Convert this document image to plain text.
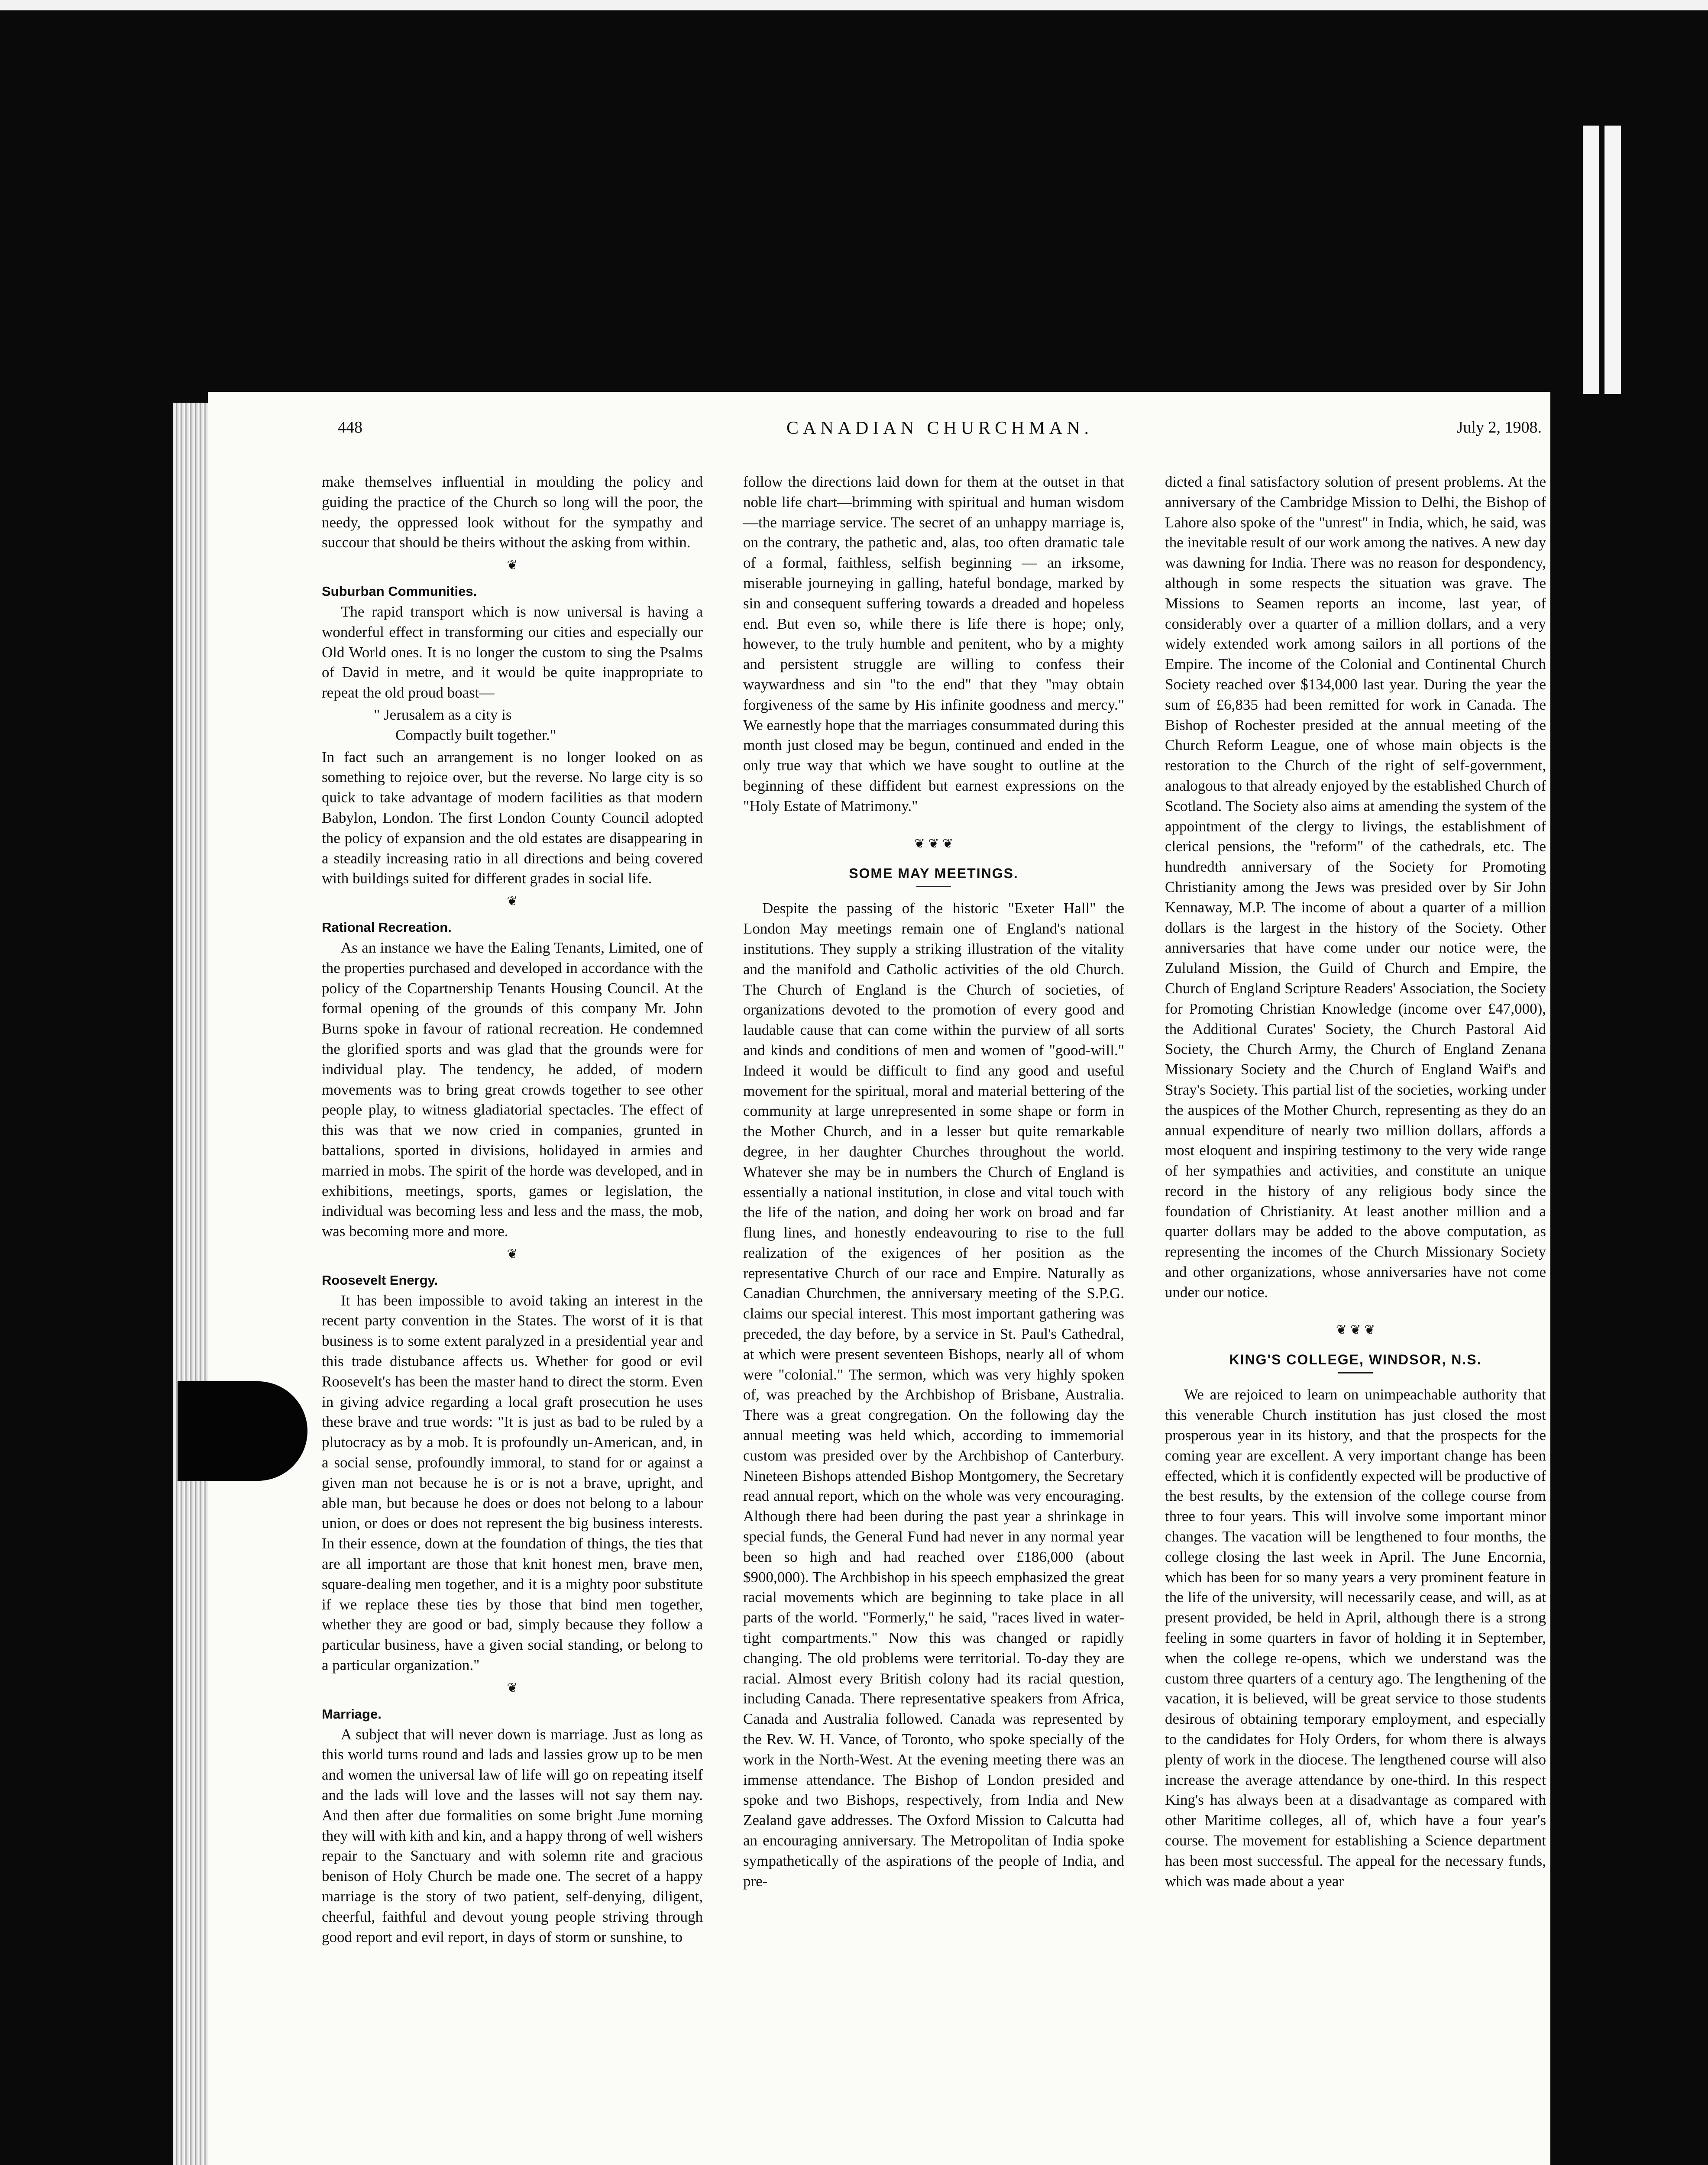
448	CANADIAN CHURCHMAN.	July 2, 1908.

make themselves influential in moulding the policy and guiding the practice of the Church so long will the poor, the needy, the oppressed look without for the sympathy and succour that should be theirs without the asking from within.

❦
Suburban Communities.

The rapid transport which is now universal is having a wonderful effect in transforming our cities and especially our Old World ones. It is no longer the custom to sing the Psalms of David in metre, and it would be quite inappropriate to repeat the old proud boast—

" Jerusalem as a city is
Compactly built together."

In fact such an arrangement is no longer looked on as something to rejoice over, but the reverse. No large city is so quick to take advantage of modern facilities as that modern Babylon, London. The first London County Council adopted the policy of expansion and the old estates are disappearing in a steadily increasing ratio in all directions and being covered with buildings suited for different grades in social life.

❦
Rational Recreation.

As an instance we have the Ealing Tenants, Limited, one of the properties purchased and developed in accordance with the policy of the Copartnership Tenants Housing Council. At the formal opening of the grounds of this company Mr. John Burns spoke in favour of rational recreation. He condemned the glorified sports and was glad that the grounds were for individual play. The tendency, he added, of modern movements was to bring great crowds together to see other people play, to witness gladiatorial spectacles. The effect of this was that we now cried in companies, grunted in battalions, sported in divisions, holidayed in armies and married in mobs. The spirit of the horde was developed, and in exhibitions, meetings, sports, games or legislation, the individual was becoming less and less and the mass, the mob, was becoming more and more.

❦
Roosevelt Energy.

It has been impossible to avoid taking an interest in the recent party convention in the States. The worst of it is that business is to some extent paralyzed in a presidential year and this trade distubance affects us. Whether for good or evil Roosevelt's has been the master hand to direct the storm. Even in giving advice regarding a local graft prosecution he uses these brave and true words: "It is just as bad to be ruled by a plutocracy as by a mob. It is profoundly un-American, and, in a social sense, profoundly immoral, to stand for or against a given man not because he is or is not a brave, upright, and able man, but because he does or does not belong to a labour union, or does or does not represent the big business interests. In their essence, down at the foundation of things, the ties that are all important are those that knit honest men, brave men, square-dealing men together, and it is a mighty poor substitute if we replace these ties by those that bind men together, whether they are good or bad, simply because they follow a particular business, have a given social standing, or belong to a particular organization."

❦
Marriage.

A subject that will never down is marriage. Just as long as this world turns round and lads and lassies grow up to be men and women the universal law of life will go on repeating itself and the lads will love and the lasses will not say them nay. And then after due formalities on some bright June morning they will with kith and kin, and a happy throng of well wishers repair to the Sanctuary and with solemn rite and gracious benison of Holy Church be made one. The secret of a happy marriage is the story of two patient, self-denying, diligent, cheerful, faithful and devout young people striving through good report and evil report, in days of storm or sunshine, to

follow the directions laid down for them at the outset in that noble life chart—brimming with spiritual and human wisdom—the marriage service. The secret of an unhappy marriage is, on the contrary, the pathetic and, alas, too often dramatic tale of a formal, faithless, selfish beginning — an irksome, miserable journeying in galling, hateful bondage, marked by sin and consequent suffering towards a dreaded and hopeless end. But even so, while there is life there is hope; only, however, to the truly humble and penitent, who by a mighty and persistent struggle are willing to confess their waywardness and sin "to the end" that they "may obtain forgiveness of the same by His infinite goodness and mercy." We earnestly hope that the marriages consummated during this month just closed may be begun, continued and ended in the only true way that which we have sought to outline at the beginning of these diffident but earnest expressions on the "Holy Estate of Matrimony."

❦ ❦ ❦
SOME MAY MEETINGS.

Despite the passing of the historic "Exeter Hall" the London May meetings remain one of England's national institutions. They supply a striking illustration of the vitality and the manifold and Catholic activities of the old Church. The Church of England is the Church of societies, of organizations devoted to the promotion of every good and laudable cause that can come within the purview of all sorts and kinds and conditions of men and women of "good-will." Indeed it would be difficult to find any good and useful movement for the spiritual, moral and material bettering of the community at large unrepresented in some shape or form in the Mother Church, and in a lesser but quite remarkable degree, in her daughter Churches throughout the world. Whatever she may be in numbers the Church of England is essentially a national institution, in close and vital touch with the life of the nation, and doing her work on broad and far flung lines, and honestly endeavouring to rise to the full realization of the exigences of her position as the representative Church of our race and Empire. Naturally as Canadian Churchmen, the anniversary meeting of the S.P.G. claims our special interest. This most important gathering was preceded, the day before, by a service in St. Paul's Cathedral, at which were present seventeen Bishops, nearly all of whom were "colonial." The sermon, which was very highly spoken of, was preached by the Archbishop of Brisbane, Australia. There was a great congregation. On the following day the annual meeting was held which, according to immemorial custom was presided over by the Archbishop of Canterbury. Nineteen Bishops attended Bishop Montgomery, the Secretary read annual report, which on the whole was very encouraging. Although there had been during the past year a shrinkage in special funds, the General Fund had never in any normal year been so high and had reached over £186,000 (about $900,000). The Archbishop in his speech emphasized the great racial movements which are beginning to take place in all parts of the world. "Formerly," he said, "races lived in water-tight compartments." Now this was changed or rapidly changing. The old problems were territorial. To-day they are racial. Almost every British colony had its racial question, including Canada. There representative speakers from Africa, Canada and Australia followed. Canada was represented by the Rev. W. H. Vance, of Toronto, who spoke specially of the work in the North-West. At the evening meeting there was an immense attendance. The Bishop of London presided and spoke and two Bishops, respectively, from India and New Zealand gave addresses. The Oxford Mission to Calcutta had an encouraging anniversary. The Metropolitan of India spoke sympathetically of the aspirations of the people of India, and pre-

dicted a final satisfactory solution of present problems. At the anniversary of the Cambridge Mission to Delhi, the Bishop of Lahore also spoke of the "unrest" in India, which, he said, was the inevitable result of our work among the natives. A new day was dawning for India. There was no reason for despondency, although in some respects the situation was grave. The Missions to Seamen reports an income, last year, of considerably over a quarter of a million dollars, and a very widely extended work among sailors in all portions of the Empire. The income of the Colonial and Continental Church Society reached over $134,000 last year. During the year the sum of £6,835 had been remitted for work in Canada. The Bishop of Rochester presided at the annual meeting of the Church Reform League, one of whose main objects is the restoration to the Church of the right of self-government, analogous to that already enjoyed by the established Church of Scotland. The Society also aims at amending the system of the appointment of the clergy to livings, the establishment of clerical pensions, the "reform" of the cathedrals, etc. The hundredth anniversary of the Society for Promoting Christianity among the Jews was presided over by Sir John Kennaway, M.P. The income of about a quarter of a million dollars is the largest in the history of the Society. Other anniversaries that have come under our notice were, the Zululand Mission, the Guild of Church and Empire, the Church of England Scripture Readers' Association, the Society for Promoting Christian Knowledge (income over £47,000), the Additional Curates' Society, the Church Pastoral Aid Society, the Church Army, the Church of England Zenana Missionary Society and the Church of England Waif's and Stray's Society. This partial list of the societies, working under the auspices of the Mother Church, representing as they do an annual expenditure of nearly two million dollars, affords a most eloquent and inspiring testimony to the very wide range of her sympathies and activities, and constitute an unique record in the history of any religious body since the foundation of Christianity. At least another million and a quarter dollars may be added to the above computation, as representing the incomes of the Church Missionary Society and other organizations, whose anniversaries have not come under our notice.

❦ ❦ ❦
KING'S COLLEGE, WINDSOR, N.S.

We are rejoiced to learn on unimpeachable authority that this venerable Church institution has just closed the most prosperous year in its history, and that the prospects for the coming year are excellent. A very important change has been effected, which it is confidently expected will be productive of the best results, by the extension of the college course from three to four years. This will involve some important minor changes. The vacation will be lengthened to four months, the college closing the last week in April. The June Encornia, which has been for so many years a very prominent feature in the life of the university, will necessarily cease, and will, as at present provided, be held in April, although there is a strong feeling in some quarters in favor of holding it in September, when the college re-opens, which we understand was the custom three quarters of a century ago. The lengthening of the vacation, it is believed, will be great service to those students desirous of obtaining temporary employment, and especially to the candidates for Holy Orders, for whom there is always plenty of work in the diocese. The lengthened course will also increase the average attendance by one-third. In this respect King's has always been at a disadvantage as compared with other Maritime colleges, all of, which have a four year's course. The movement for establishing a Science department has been most successful. The appeal for the necessary funds, which was made about a year
